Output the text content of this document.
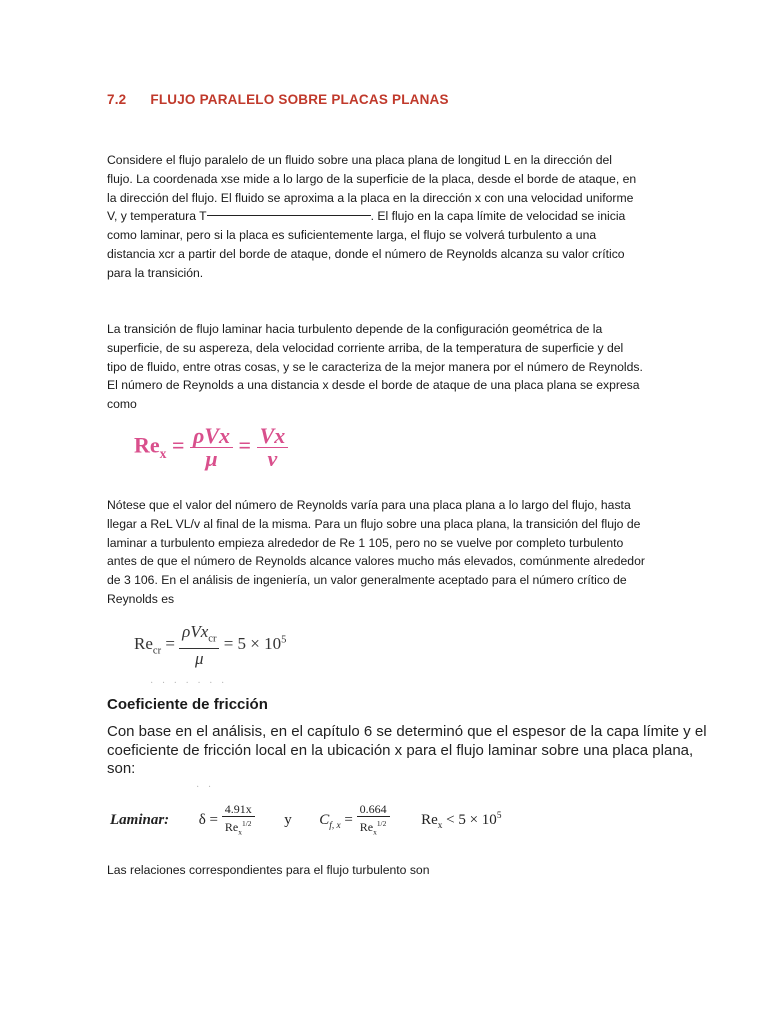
7.2 FLUJO PARALELO SOBRE PLACAS PLANAS
Considere el flujo paralelo de un fluido sobre una placa plana de longitud L en la dirección del
flujo. La coordenada xse mide a lo largo de la superficie de la placa, desde el borde de ataque, en
la dirección del flujo. El fluido se aproxima a la placa en la dirección x con una velocidad uniforme
V, y temperatura T	. El flujo en la capa límite de velocidad se inicia
como laminar, pero si la placa es suficientemente larga, el flujo se volverá turbulento a una
distancia xcr a partir del borde de ataque, donde el número de Reynolds alcanza su valor crítico
para la transición.
La transición de flujo laminar hacia turbulento depende de la configuración geométrica de la
superficie, de su aspereza, dela velocidad corriente arriba, de la temperatura de superficie y del
tipo de fluido, entre otras cosas, y se le caracteriza de la mejor manera por el número de Reynolds.
El número de Reynolds a una distancia x desde el borde de ataque de una placa plana se expresa
como
$Re_x = \frac{\text{ρVx}}{\mu} = \frac{Vx}{\nu}$
Nótese que el valor del número de Reynolds varía para una placa plana a lo largo del flujo, hasta
llegar a ReL VL/v al final de la misma. Para un flujo sobre una placa plana, la transición del flujo de
laminar a turbulento empieza alrededor de Re 1 105, pero no se vuelve por completo turbulento
antes de que el número de Reynolds alcance valores mucho más elevados, comúnmente alrededor
de 3 106. En el análisis de ingeniería, un valor generalmente aceptado para el número crítico de
Reynolds es
$Re_{cr} = \frac{\rho Vx_{cr}}{\mu} = 5 \times 10^5$
· · · · · · ·
Coeficiente de fricción
Con base en el análisis, en el capítulo 6 se determinó que el espesor de la capa límite y el
coeficiente de fricción local en la ubicación x para el flujo laminar sobre una placa plana,
son:
· ·
Laminar: $\delta = \frac{4.91x}{Re_x^{1/2}}$ y $C_{f, x} = \frac{0.664}{Re_x^{1/2}} Re_x < 5 \times 10^5$
Las relaciones correspondientes para el flujo turbulento son
